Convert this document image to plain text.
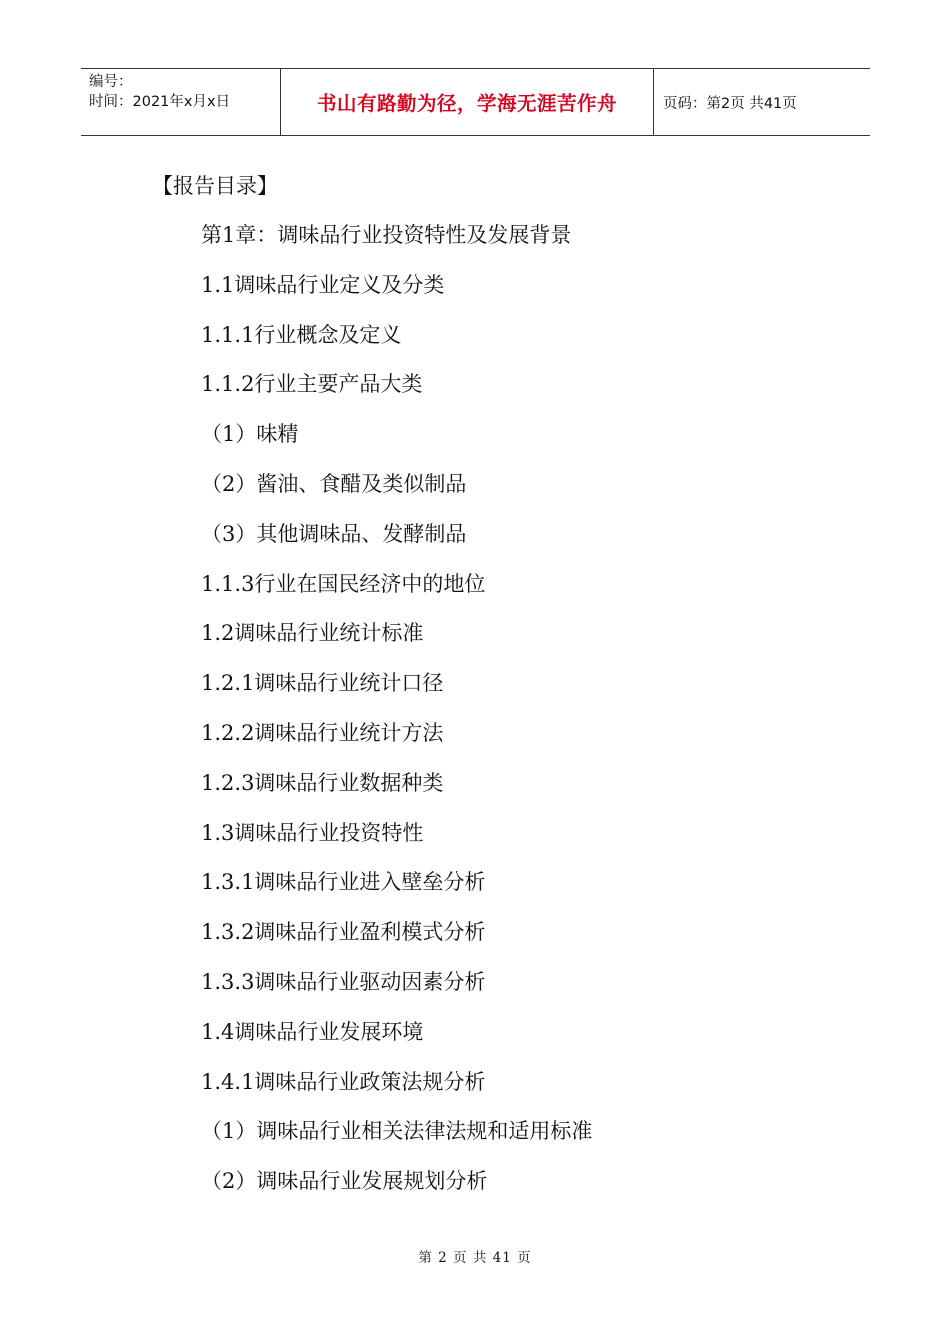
编号：
时间：2021年x月x日	书山有路勤为径，学海无涯苦作舟	页码：第2页 共41页
【报告目录】
第1章：调味品行业投资特性及发展背景
1.1调味品行业定义及分类
1.1.1行业概念及定义
1.1.2行业主要产品大类
（1）味精
（2）酱油、食醋及类似制品
（3）其他调味品、发酵制品
1.1.3行业在国民经济中的地位
1.2调味品行业统计标准
1.2.1调味品行业统计口径
1.2.2调味品行业统计方法
1.2.3调味品行业数据种类
1.3调味品行业投资特性
1.3.1调味品行业进入壁垒分析
1.3.2调味品行业盈利模式分析
1.3.3调味品行业驱动因素分析
1.4调味品行业发展环境
1.4.1调味品行业政策法规分析
（1）调味品行业相关法律法规和适用标准
（2）调味品行业发展规划分析
第 2 页 共 41 页
